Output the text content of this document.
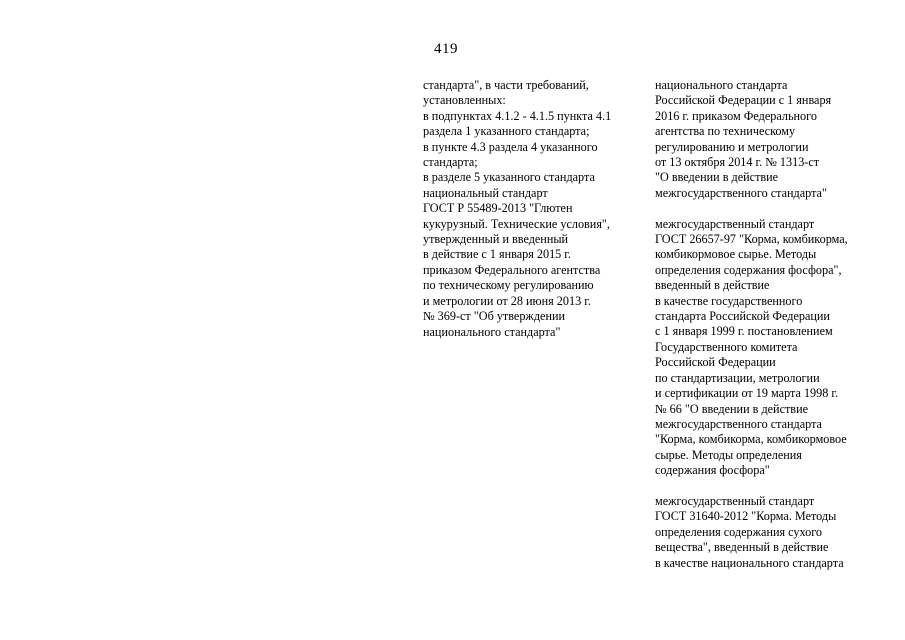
419
стандарта", в части требований,
установленных:
в подпунктах 4.1.2 - 4.1.5 пункта 4.1
раздела 1 указанного стандарта;
в пункте 4.3 раздела 4 указанного
стандарта;
в разделе 5 указанного стандарта
национальный стандарт
ГОСТ Р 55489-2013 "Глютен
кукурузный. Технические условия",
утвержденный и введенный
в действие с 1 января 2015 г.
приказом Федерального агентства
по техническому регулированию
и метрологии от 28 июня 2013 г.
№ 369-ст "Об утверждении
национального стандарта"
национального стандарта
Российской Федерации с 1 января
2016 г. приказом Федерального
агентства по техническому
регулированию и метрологии
от 13 октября 2014 г. № 1313-ст
"О введении в действие
межгосударственного стандарта"
межгосударственный стандарт
ГОСТ 26657-97 "Корма, комбикорма,
комбикормовое сырье. Методы
определения содержания фосфора",
введенный в действие
в качестве государственного
стандарта Российской Федерации
с 1 января 1999 г. постановлением
Государственного комитета
Российской Федерации
по стандартизации, метрологии
и сертификации от 19 марта 1998 г.
№ 66 "О введении в действие
межгосударственного стандарта
"Корма, комбикорма, комбикормовое
сырье. Методы определения
содержания фосфора"
межгосударственный стандарт
ГОСТ 31640-2012 "Корма. Методы
определения содержания сухого
вещества", введенный в действие
в качестве национального стандарта
